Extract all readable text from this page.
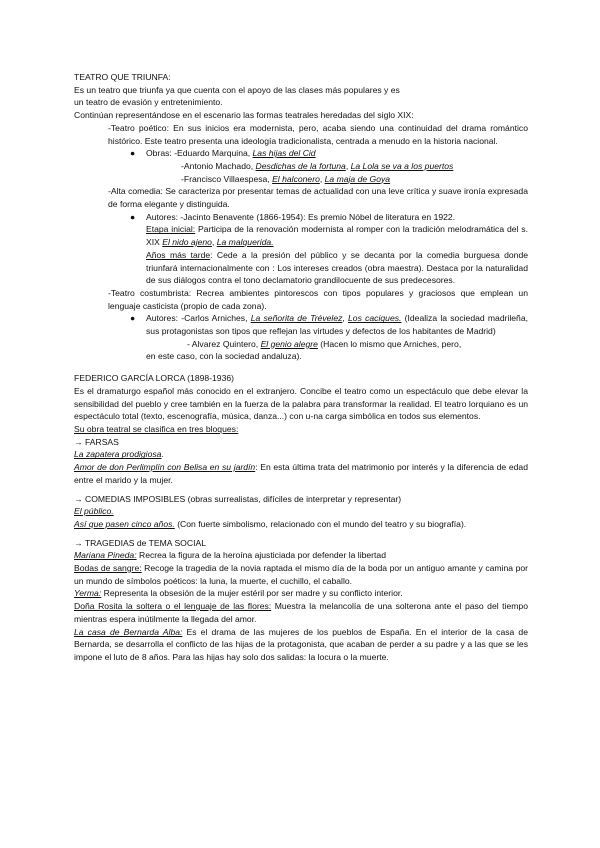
TEATRO QUE TRIUNFA:

Es un teatro que triunfa ya que cuenta con el apoyo de las clases más populares y es

un teatro de evasión y entretenimiento.

Continúan representándose en el escenario las formas teatrales heredadas del siglo XIX:

-Teatro poético: En sus inicios era modernista, pero, acaba siendo una continuidad del drama romántico histórico. Este teatro presenta una ideología tradicionalista, centrada a menudo en la historia nacional.

● Obras: -Eduardo Marquina, Las hijas del Cid

-Antonio Machado, Desdichas de la fortuna, La Lola se va a los puertos

-Francisco Villaespesa, El halconero, La maja de Goya

-Alta comedia: Se caracteriza por presentar temas de actualidad con una leve crítica y suave ironía expresada de forma elegante y distinguida.

● Autores: -Jacinto Benavente (1866-1954): Es premio Nóbel de literatura en 1922.

Etapa inicial: Participa de la renovación modernista al romper con la tradición melodramática del s. XIX El nido ajeno, La malquerida.

Años más tarde: Cede a la presión del público y se decanta por la comedia burguesa donde triunfará internacionalmente con : Los intereses creados (obra maestra). Destaca por la naturalidad de sus diálogos contra el tono declamatorio grandilocuente de sus predecesores.

-Teatro costumbrista: Recrea ambientes pintorescos con tipos populares y graciosos que emplean un lenguaje casticista (propio de cada zona).

● Autores: -Carlos Arniches, La señorita de Trévelez, Los caciques. (Idealiza la sociedad madrileña, sus protagonistas son tipos que reflejan las virtudes y defectos de los habitantes de Madrid)

- Alvarez Quintero, El genio alegre (Hacen lo mismo que Arniches, pero,

en este caso, con la sociedad andaluza).

FEDERICO GARCÍA LORCA (1898-1936)

Es el dramaturgo español más conocido en el extranjero. Concibe el teatro como un espectáculo que debe elevar la sensibilidad del pueblo y cree también en la fuerza de la palabra para transformar la realidad. El teatro lorquiano es un espectáculo total (texto, escenografía, música, danza...) con u-na carga simbólica en todos sus elementos.

Su obra teatral se clasifica en tres bloques:

→ FARSAS

La zapatera prodigiosa.

Amor de don Perlimplín con Belisa en su jardín: En esta última trata del matrimonio por interés y la diferencia de edad entre el marido y la mujer.

→ COMEDIAS IMPOSIBLES (obras surrealistas, difíciles de interpretar y representar)

El público.

Así que pasen cinco años. (Con fuerte simbolismo, relacionado con el mundo del teatro y su biografía).

→ TRAGEDIAS de TEMA SOCIAL

Mariana Pineda: Recrea la figura de la heroína ajusticiada por defender la libertad

Bodas de sangre: Recoge la tragedia de la novia raptada el mismo día de la boda por un antiguo amante y camina por un mundo de símbolos poéticos: la luna, la muerte, el cuchillo, el caballo.

Yerma: Representa la obsesión de la mujer estéril por ser madre y su conflicto interior.

Doña Rosita la soltera o el lenguaje de las flores: Muestra la melancolía de una solterona ante el paso del tiempo mientras espera inútilmente la llegada del amor.

La casa de Bernarda Alba: Es el drama de las mujeres de los pueblos de España. En el interior de la casa de Bernarda, se desarrolla el conflicto de las hijas de la protagonista, que acaban de perder a su padre y a las que se les impone el luto de 8 años. Para las hijas hay solo dos salidas: la locura o la muerte.
